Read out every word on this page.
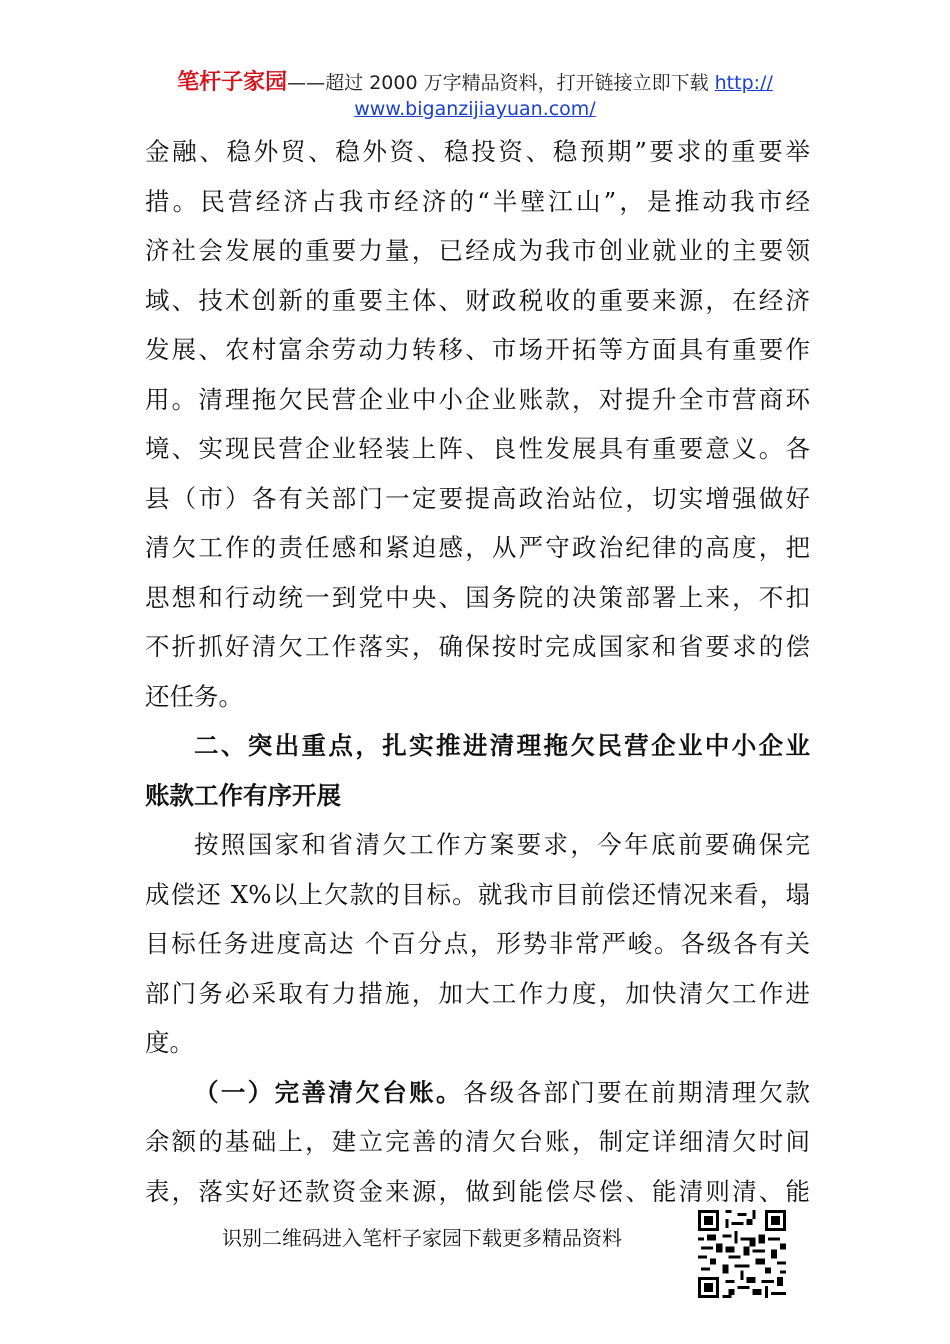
笔杆子家园——超过 2000 万字精品资料，打开链接立即下载 http://
www.biganzijiayuan.com/
金融、稳外贸、稳外资、稳投资、稳预期”要求的重要举
措。民营经济占我市经济的“半壁江山”，是推动我市经
济社会发展的重要力量，已经成为我市创业就业的主要领
域、技术创新的重要主体、财政税收的重要来源，在经济
发展、农村富余劳动力转移、市场开拓等方面具有重要作
用。清理拖欠民营企业中小企业账款，对提升全市营商环
境、实现民营企业轻装上阵、良性发展具有重要意义。各
县（市）各有关部门一定要提高政治站位，切实增强做好
清欠工作的责任感和紧迫感，从严守政治纪律的高度，把
思想和行动统一到党中央、国务院的决策部署上来，不扣
不折抓好清欠工作落实，确保按时完成国家和省要求的偿
还任务。
二、突出重点，扎实推进清理拖欠民营企业中小企业
账款工作有序开展
按照国家和省清欠工作方案要求，今年底前要确保完
成偿还 X%以上欠款的目标。就我市目前偿还情况来看，塌
目标任务进度高达 个百分点，形势非常严峻。各级各有关
部门务必采取有力措施，加大工作力度，加快清欠工作进
度。
（一）完善清欠台账。各级各部门要在前期清理欠款
余额的基础上，建立完善的清欠台账，制定详细清欠时间
表，落实好还款资金来源，做到能偿尽偿、能清则清、能
识别二维码进入笔杆子家园下载更多精品资料
